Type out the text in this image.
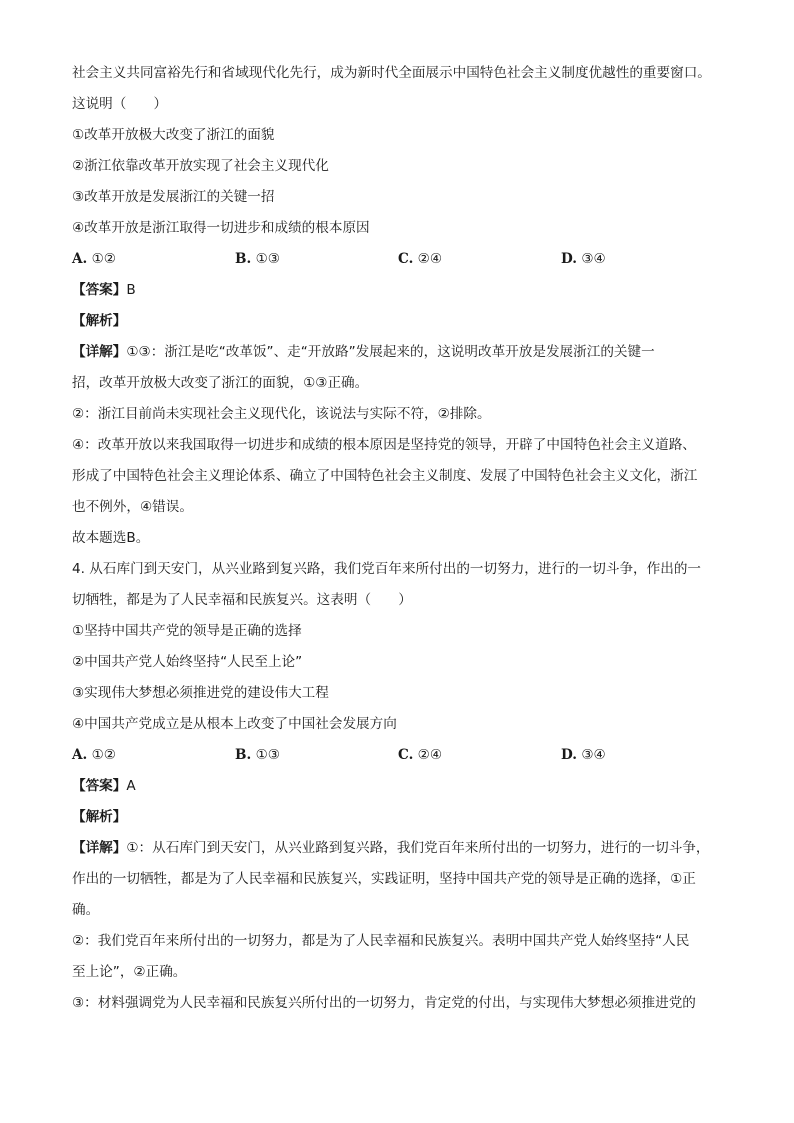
社会主义共同富裕先行和省域现代化先行，成为新时代全面展示中国特色社会主义制度优越性的重要窗口。
这说明（　　）
①改革开放极大改变了浙江的面貌
②浙江依靠改革开放实现了社会主义现代化
③改革开放是发展浙江的关键一招
④改革开放是浙江取得一切进步和成绩的根本原因
A. ①②	B. ①③	C. ②④	D. ③④
【答案】B
【解析】
【详解】①③：浙江是吃“改革饭”、走“开放路”发展起来的，这说明改革开放是发展浙江的关键一
招，改革开放极大改变了浙江的面貌，①③正确。
②：浙江目前尚未实现社会主义现代化，该说法与实际不符，②排除。
④：改革开放以来我国取得一切进步和成绩的根本原因是坚持党的领导，开辟了中国特色社会主义道路、
形成了中国特色社会主义理论体系、确立了中国特色社会主义制度、发展了中国特色社会主义文化，浙江
也不例外，④错误。
故本题选B。
4. 从石库门到天安门，从兴业路到复兴路，我们党百年来所付出的一切努力，进行的一切斗争，作出的一
切牺牲，都是为了人民幸福和民族复兴。这表明（　　）
①坚持中国共产党的领导是正确的选择
②中国共产党人始终坚持“人民至上论”
③实现伟大梦想必须推进党的建设伟大工程
④中国共产党成立是从根本上改变了中国社会发展方向
A. ①②	B. ①③	C. ②④	D. ③④
【答案】A
【解析】
【详解】①：从石库门到天安门，从兴业路到复兴路，我们党百年来所付出的一切努力，进行的一切斗争，
作出的一切牺牲，都是为了人民幸福和民族复兴，实践证明，坚持中国共产党的领导是正确的选择，①正
确。
②：我们党百年来所付出的一切努力，都是为了人民幸福和民族复兴。表明中国共产党人始终坚持“人民
至上论”，②正确。
③：材料强调党为人民幸福和民族复兴所付出的一切努力，肯定党的付出，与实现伟大梦想必须推进党的
